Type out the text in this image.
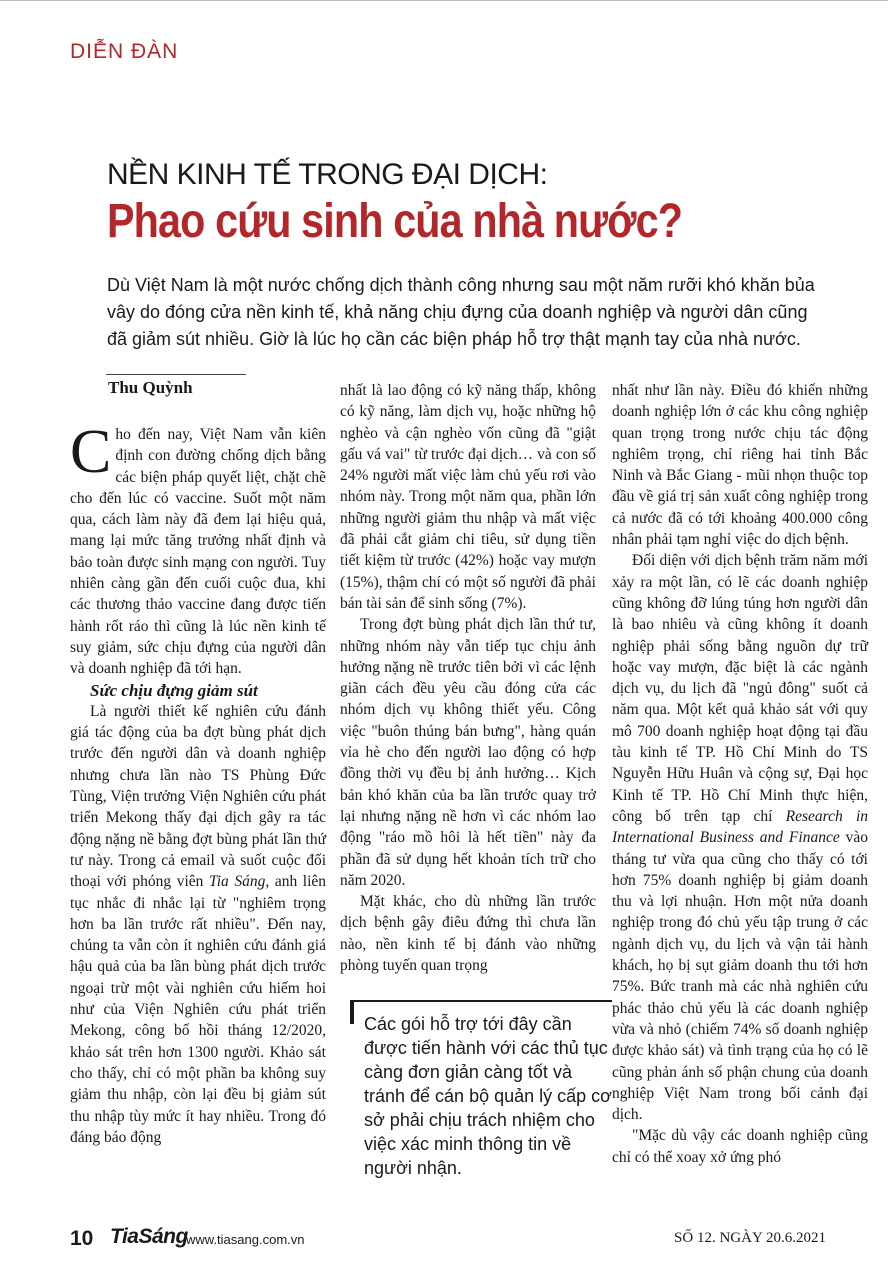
DIỄN ĐÀN
NỀN KINH TẾ TRONG ĐẠI DỊCH:
Phao cứu sinh của nhà nước?
Dù Việt Nam là một nước chống dịch thành công nhưng sau một năm rưỡi khó khăn bủa vây do đóng cửa nền kinh tế, khả năng chịu đựng của doanh nghiệp và người dân cũng đã giảm sút nhiều. Giờ là lúc họ cần các biện pháp hỗ trợ thật mạnh tay của nhà nước.
Thu Quỳnh

Cho đến nay, Việt Nam vẫn kiên định con đường chống dịch bằng các biện pháp quyết liệt, chặt chẽ cho đến lúc có vaccine. Suốt một năm qua, cách làm này đã đem lại hiệu quả, mang lại mức tăng trưởng nhất định và bảo toàn được sinh mạng con người. Tuy nhiên càng gần đến cuối cuộc đua, khi các thương thảo vaccine đang được tiến hành rốt ráo thì cũng là lúc nền kinh tế suy giảm, sức chịu đựng của người dân và doanh nghiệp đã tới hạn.

Sức chịu đựng giảm sút

Là người thiết kế nghiên cứu đánh giá tác động của ba đợt bùng phát dịch trước đến người dân và doanh nghiệp nhưng chưa lần nào TS Phùng Đức Tùng, Viện trưởng Viện Nghiên cứu phát triển Mekong thấy đại dịch gây ra tác động nặng nề bằng đợt bùng phát lần thứ tư này. Trong cả email và suốt cuộc đối thoại với phóng viên Tia Sáng, anh liên tục nhắc đi nhắc lại từ "nghiêm trọng hơn ba lần trước rất nhiều". Đến nay, chúng ta vẫn còn ít nghiên cứu đánh giá hậu quả của ba lần bùng phát dịch trước ngoại trừ một vài nghiên cứu hiếm hoi như của Viện Nghiên cứu phát triển Mekong, công bố hồi tháng 12/2020, khảo sát trên hơn 1300 người. Khảo sát cho thấy, chỉ có một phần ba không suy giảm thu nhập, còn lại đều bị giảm sút thu nhập tùy mức ít hay nhiều. Trong đó đáng báo động

nhất là lao động có kỹ năng thấp, không có kỹ năng, làm dịch vụ, hoặc những hộ nghèo và cận nghèo vốn cũng đã "giật gấu vá vai" từ trước đại dịch… và con số 24% người mất việc làm chủ yếu rơi vào nhóm này. Trong một năm qua, phần lớn những người giảm thu nhập và mất việc đã phải cắt giảm chi tiêu, sử dụng tiền tiết kiệm từ trước (42%) hoặc vay mượn (15%), thậm chí có một số người đã phải bán tài sản để sinh sống (7%).

Trong đợt bùng phát dịch lần thứ tư, những nhóm này vẫn tiếp tục chịu ảnh hưởng nặng nề trước tiên bởi vì các lệnh giãn cách đều yêu cầu đóng cửa các nhóm dịch vụ không thiết yếu. Công việc "buôn thúng bán bưng", hàng quán vỉa hè cho đến người lao động có hợp đồng thời vụ đều bị ảnh hưởng… Kịch bản khó khăn của ba lần trước quay trở lại nhưng nặng nề hơn vì các nhóm lao động "ráo mồ hôi là hết tiền" này đa phần đã sử dụng hết khoản tích trữ cho năm 2020.

Mặt khác, cho dù những lần trước dịch bệnh gây điêu đứng thì chưa lần nào, nền kinh tế bị đánh vào những phòng tuyến quan trọng

Các gói hỗ trợ tới đây cần được tiến hành với các thủ tục càng đơn giản càng tốt và tránh để cán bộ quản lý cấp cơ sở phải chịu trách nhiệm cho việc xác minh thông tin về người nhận.

nhất như lần này. Điều đó khiến những doanh nghiệp lớn ở các khu công nghiệp quan trọng trong nước chịu tác động nghiêm trọng, chỉ riêng hai tỉnh Bắc Ninh và Bắc Giang - mũi nhọn thuộc top đầu về giá trị sản xuất công nghiệp trong cả nước đã có tới khoảng 400.000 công nhân phải tạm nghỉ việc do dịch bệnh.

Đối diện với dịch bệnh trăm năm mới xảy ra một lần, có lẽ các doanh nghiệp cũng không đỡ lúng túng hơn người dân là bao nhiêu và cũng không ít doanh nghiệp phải sống bằng nguồn dự trữ hoặc vay mượn, đặc biệt là các ngành dịch vụ, du lịch đã "ngủ đông" suốt cả năm qua. Một kết quả khảo sát với quy mô 700 doanh nghiệp hoạt động tại đầu tàu kinh tế TP. Hồ Chí Minh do TS Nguyễn Hữu Huân và cộng sự, Đại học Kinh tế TP. Hồ Chí Minh thực hiện, công bố trên tạp chí Research in International Business and Finance vào tháng tư vừa qua cũng cho thấy có tới hơn 75% doanh nghiệp bị giảm doanh thu và lợi nhuận. Hơn một nửa doanh nghiệp trong đó chủ yếu tập trung ở các ngành dịch vụ, du lịch và vận tải hành khách, họ bị sụt giảm doanh thu tới hơn 75%. Bức tranh mà các nhà nghiên cứu phác thảo chủ yếu là các doanh nghiệp vừa và nhỏ (chiếm 74% số doanh nghiệp được khảo sát) và tình trạng của họ có lẽ cũng phản ánh số phận chung của doanh nghiệp Việt Nam trong bối cảnh đại dịch.

"Mặc dù vậy các doanh nghiệp cũng chỉ có thể xoay xở ứng phó

10 TiaSáng
www.tiasang.com.vn	SỐ 12. NGÀY 20.6.2021
